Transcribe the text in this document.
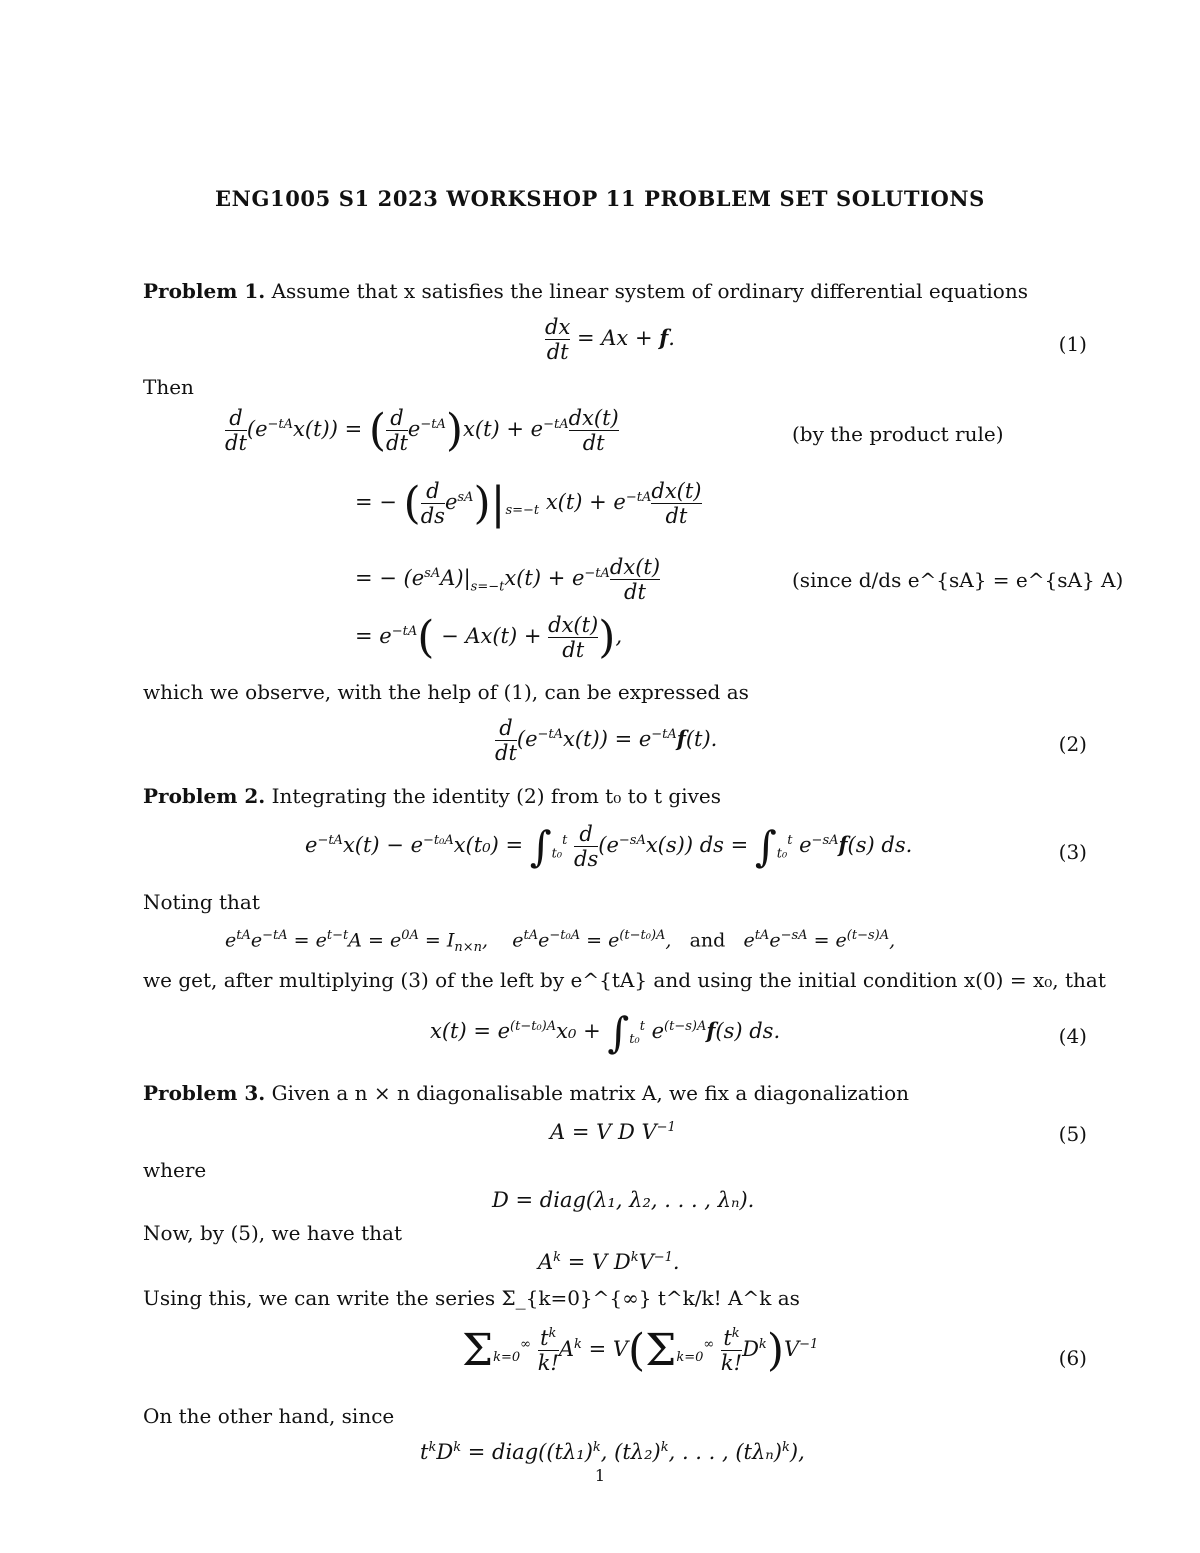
ENG1005 S1 2023 WORKSHOP 11 PROBLEM SET SOLUTIONS
Problem 1. Assume that x satisfies the linear system of ordinary differential equations
$\frac{dx}{dt} = Ax + f$.	(1)
Then
$\frac{d}{dt} (e^{-tA}x(t))$ = ( $\frac{d}{dt} e^{-tA})x(t) + e^{-tA} \frac{dx(t)}{dt}$	(by the product rule)
= − ( $\frac{d}{ds} e^{sA})|_{s=-t}$ $x(t) + e^{-tA} \frac{dx(t)}{dt}$
= − $(e^{sA}A)|_{s=-t}x(t) + e^{-tA} \frac{dx(t)}{dt}$	(since d/ds e^{sA} = e^{sA} A)
= $e^{-tA}( - Ax(t) + \frac{dx(t)}{dt}$ ),
which we observe, with the help of (1), can be expressed as
$\frac{d}{dt} (e^{-tA}x(t)) = e^{-tA}f(t)$.	(2)
Problem 2. Integrating the identity (2) from t₀ to t gives
$e^{-tA}x(t) - e^{-t_0A}x(t_0) = \int_{t_0}^t \frac{d}{ds} (e^{-sA}x(s))$ ds = $\int_{t_0}^t$ $e^{-sA}f(s)$ ds.	(3)
Noting that
$e^{tA}e^{-tA} = e^{t-t}A = e^{0A} = I_{n\times n}$,    $e^{tA}e^{-t_0A} = e^{(t-t_0)A}$,   and   $e^{tA}e^{-sA} = e^{(t-s)A}$,
we get, after multiplying (3) of the left by e^{tA} and using the initial condition x(0) = x₀, that
$x(t) = e^{(t-t_0)A}x_0 + \int_{t_0}^t$ $e^{(t-s)A}f(s)$ ds.	(4)
Problem 3. Given a n × n diagonalisable matrix A, we fix a diagonalization
A = V D $V^{-1}$	(5)
where
D = diag(λ₁, λ₂, . . . , λₙ).
Now, by (5), we have that
$A^k = V$ $D^kV^{-1}$.
Using this, we can write the series Σ_{k=0}^{∞} t^k/k! A^k as
$\Sigma_{k=0}^\infty \frac{t^k}{k!} A^k = V(\Sigma_{k=0}^\infty \frac{t^k}{k!} D^k)V^{-1}$
(6)
On the other hand, since
$t^kD^k$ = $diag((t\lambda_1)^k$, $(t\lambda_2)^k$, . . . , $(t\lambda_n)^k$),
1
